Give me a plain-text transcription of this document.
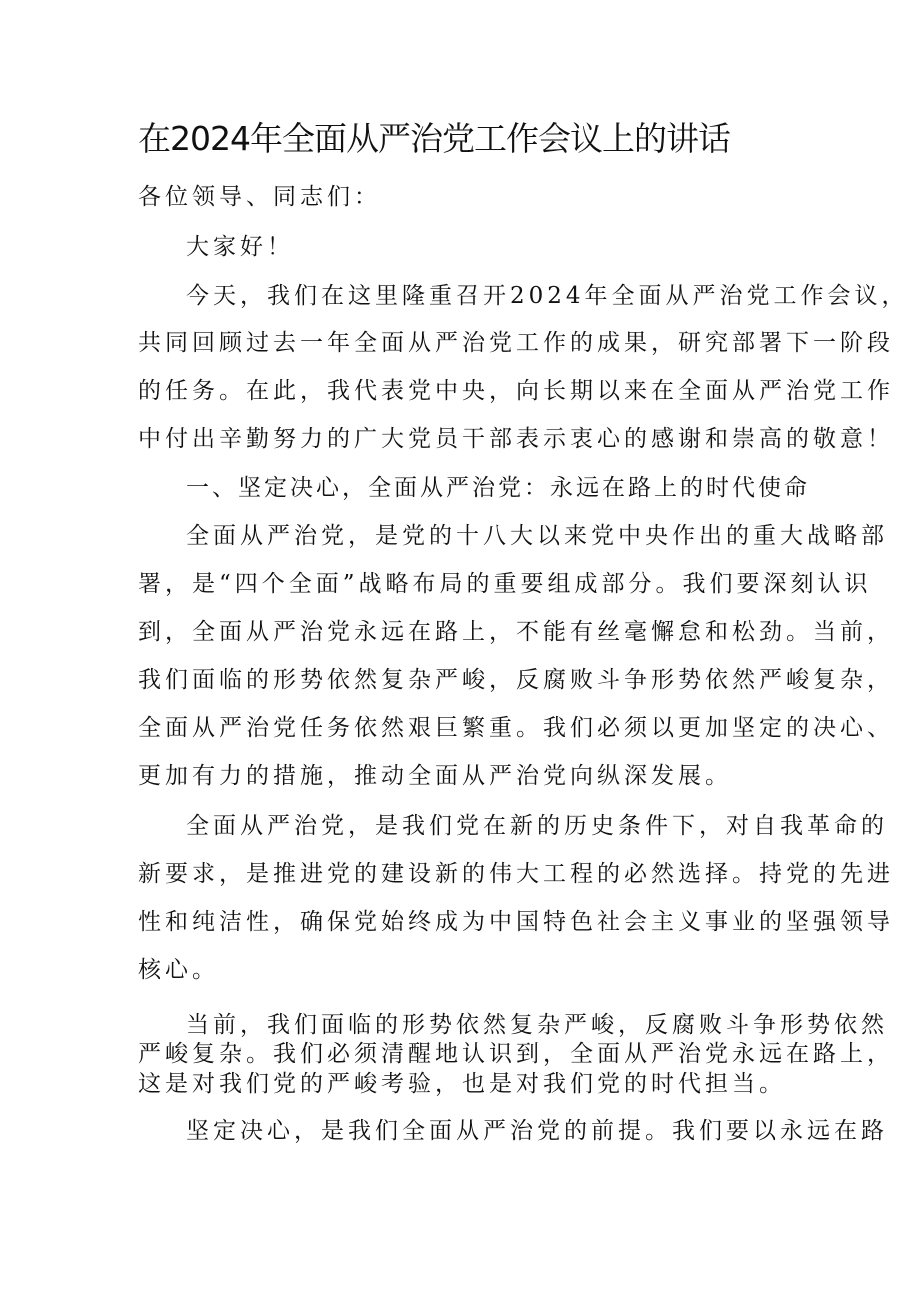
在2024年全面从严治党工作会议上的讲话

各位领导、同志们：

大家好！

今天，我们在这里隆重召开2024年全面从严治党工作会议，

共同回顾过去一年全面从严治党工作的成果，研究部署下一阶段

的任务。在此，我代表党中央，向长期以来在全面从严治党工作

中付出辛勤努力的广大党员干部表示衷心的感谢和崇高的敬意！

一、坚定决心，全面从严治党：永远在路上的时代使命

全面从严治党，是党的十八大以来党中央作出的重大战略部

署，是“四个全面”战略布局的重要组成部分。我们要深刻认识

到，全面从严治党永远在路上，不能有丝毫懈怠和松劲。当前，

我们面临的形势依然复杂严峻，反腐败斗争形势依然严峻复杂，

全面从严治党任务依然艰巨繁重。我们必须以更加坚定的决心、

更加有力的措施，推动全面从严治党向纵深发展。

全面从严治党，是我们党在新的历史条件下，对自我革命的

新要求，是推进党的建设新的伟大工程的必然选择。持党的先进

性和纯洁性，确保党始终成为中国特色社会主义事业的坚强领导

核心。

当前，我们面临的形势依然复杂严峻，反腐败斗争形势依然

严峻复杂。我们必须清醒地认识到，全面从严治党永远在路上，

这是对我们党的严峻考验，也是对我们党的时代担当。

坚定决心，是我们全面从严治党的前提。我们要以永远在路
